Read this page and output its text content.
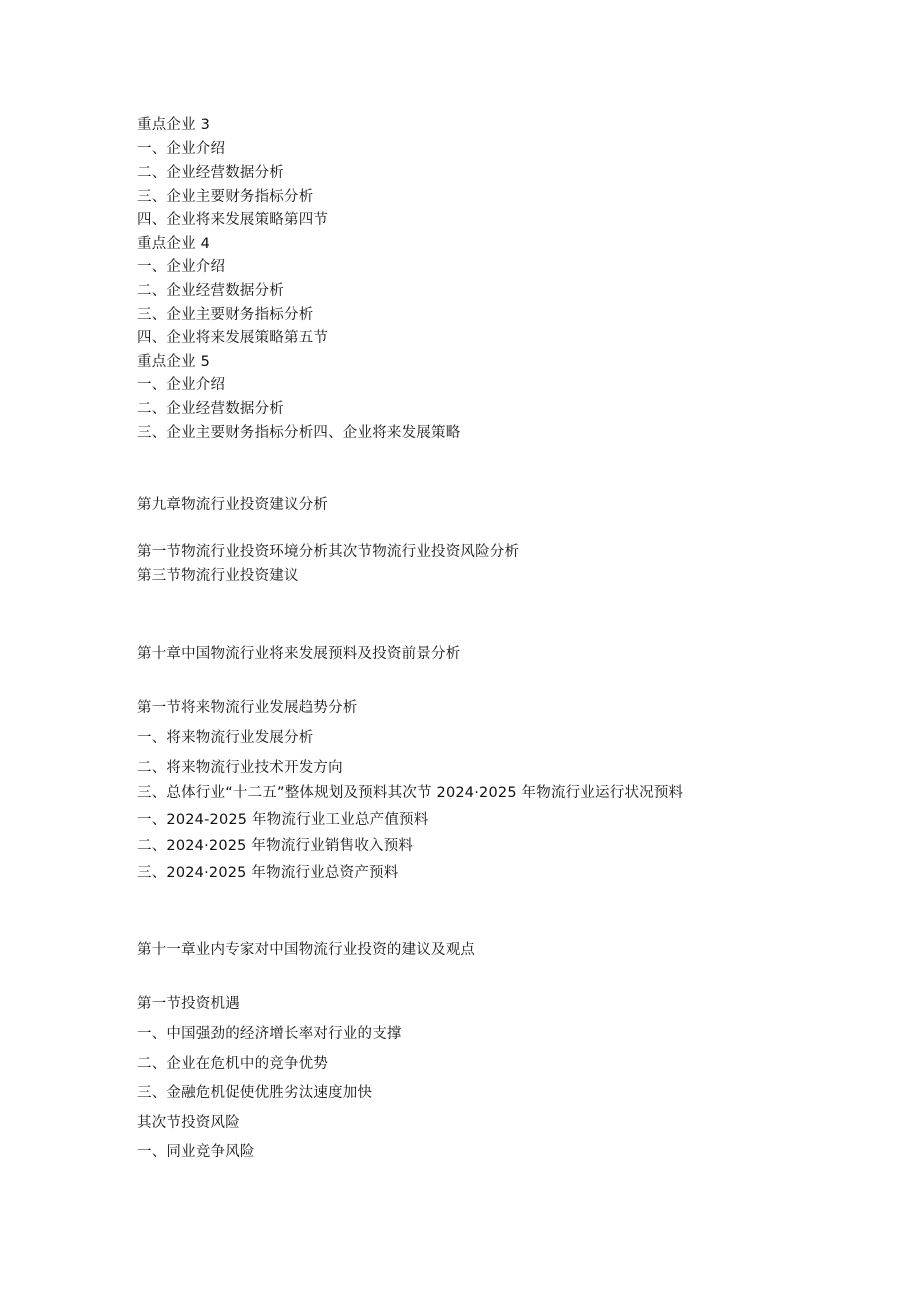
重点企业 3
一、企业介绍
二、企业经营数据分析
三、企业主要财务指标分析
四、企业将来发展策略第四节
重点企业 4
一、企业介绍
二、企业经营数据分析
三、企业主要财务指标分析
四、企业将来发展策略第五节
重点企业 5
一、企业介绍
二、企业经营数据分析
三、企业主要财务指标分析四、企业将来发展策略
第九章物流行业投资建议分析
第一节物流行业投资环境分析其次节物流行业投资风险分析
第三节物流行业投资建议
第十章中国物流行业将来发展预料及投资前景分析
第一节将来物流行业发展趋势分析
一、将来物流行业发展分析
二、将来物流行业技术开发方向
三、总体行业“十二五”整体规划及预料其次节 2024·2025 年物流行业运行状况预料
一、2024-2025 年物流行业工业总产值预料
二、2024·2025 年物流行业销售收入预料
三、2024·2025 年物流行业总资产预料
第十一章业内专家对中国物流行业投资的建议及观点
第一节投资机遇
一、中国强劲的经济增长率对行业的支撑
二、企业在危机中的竞争优势
三、金融危机促使优胜劣汰速度加快
其次节投资风险
一、同业竞争风险
